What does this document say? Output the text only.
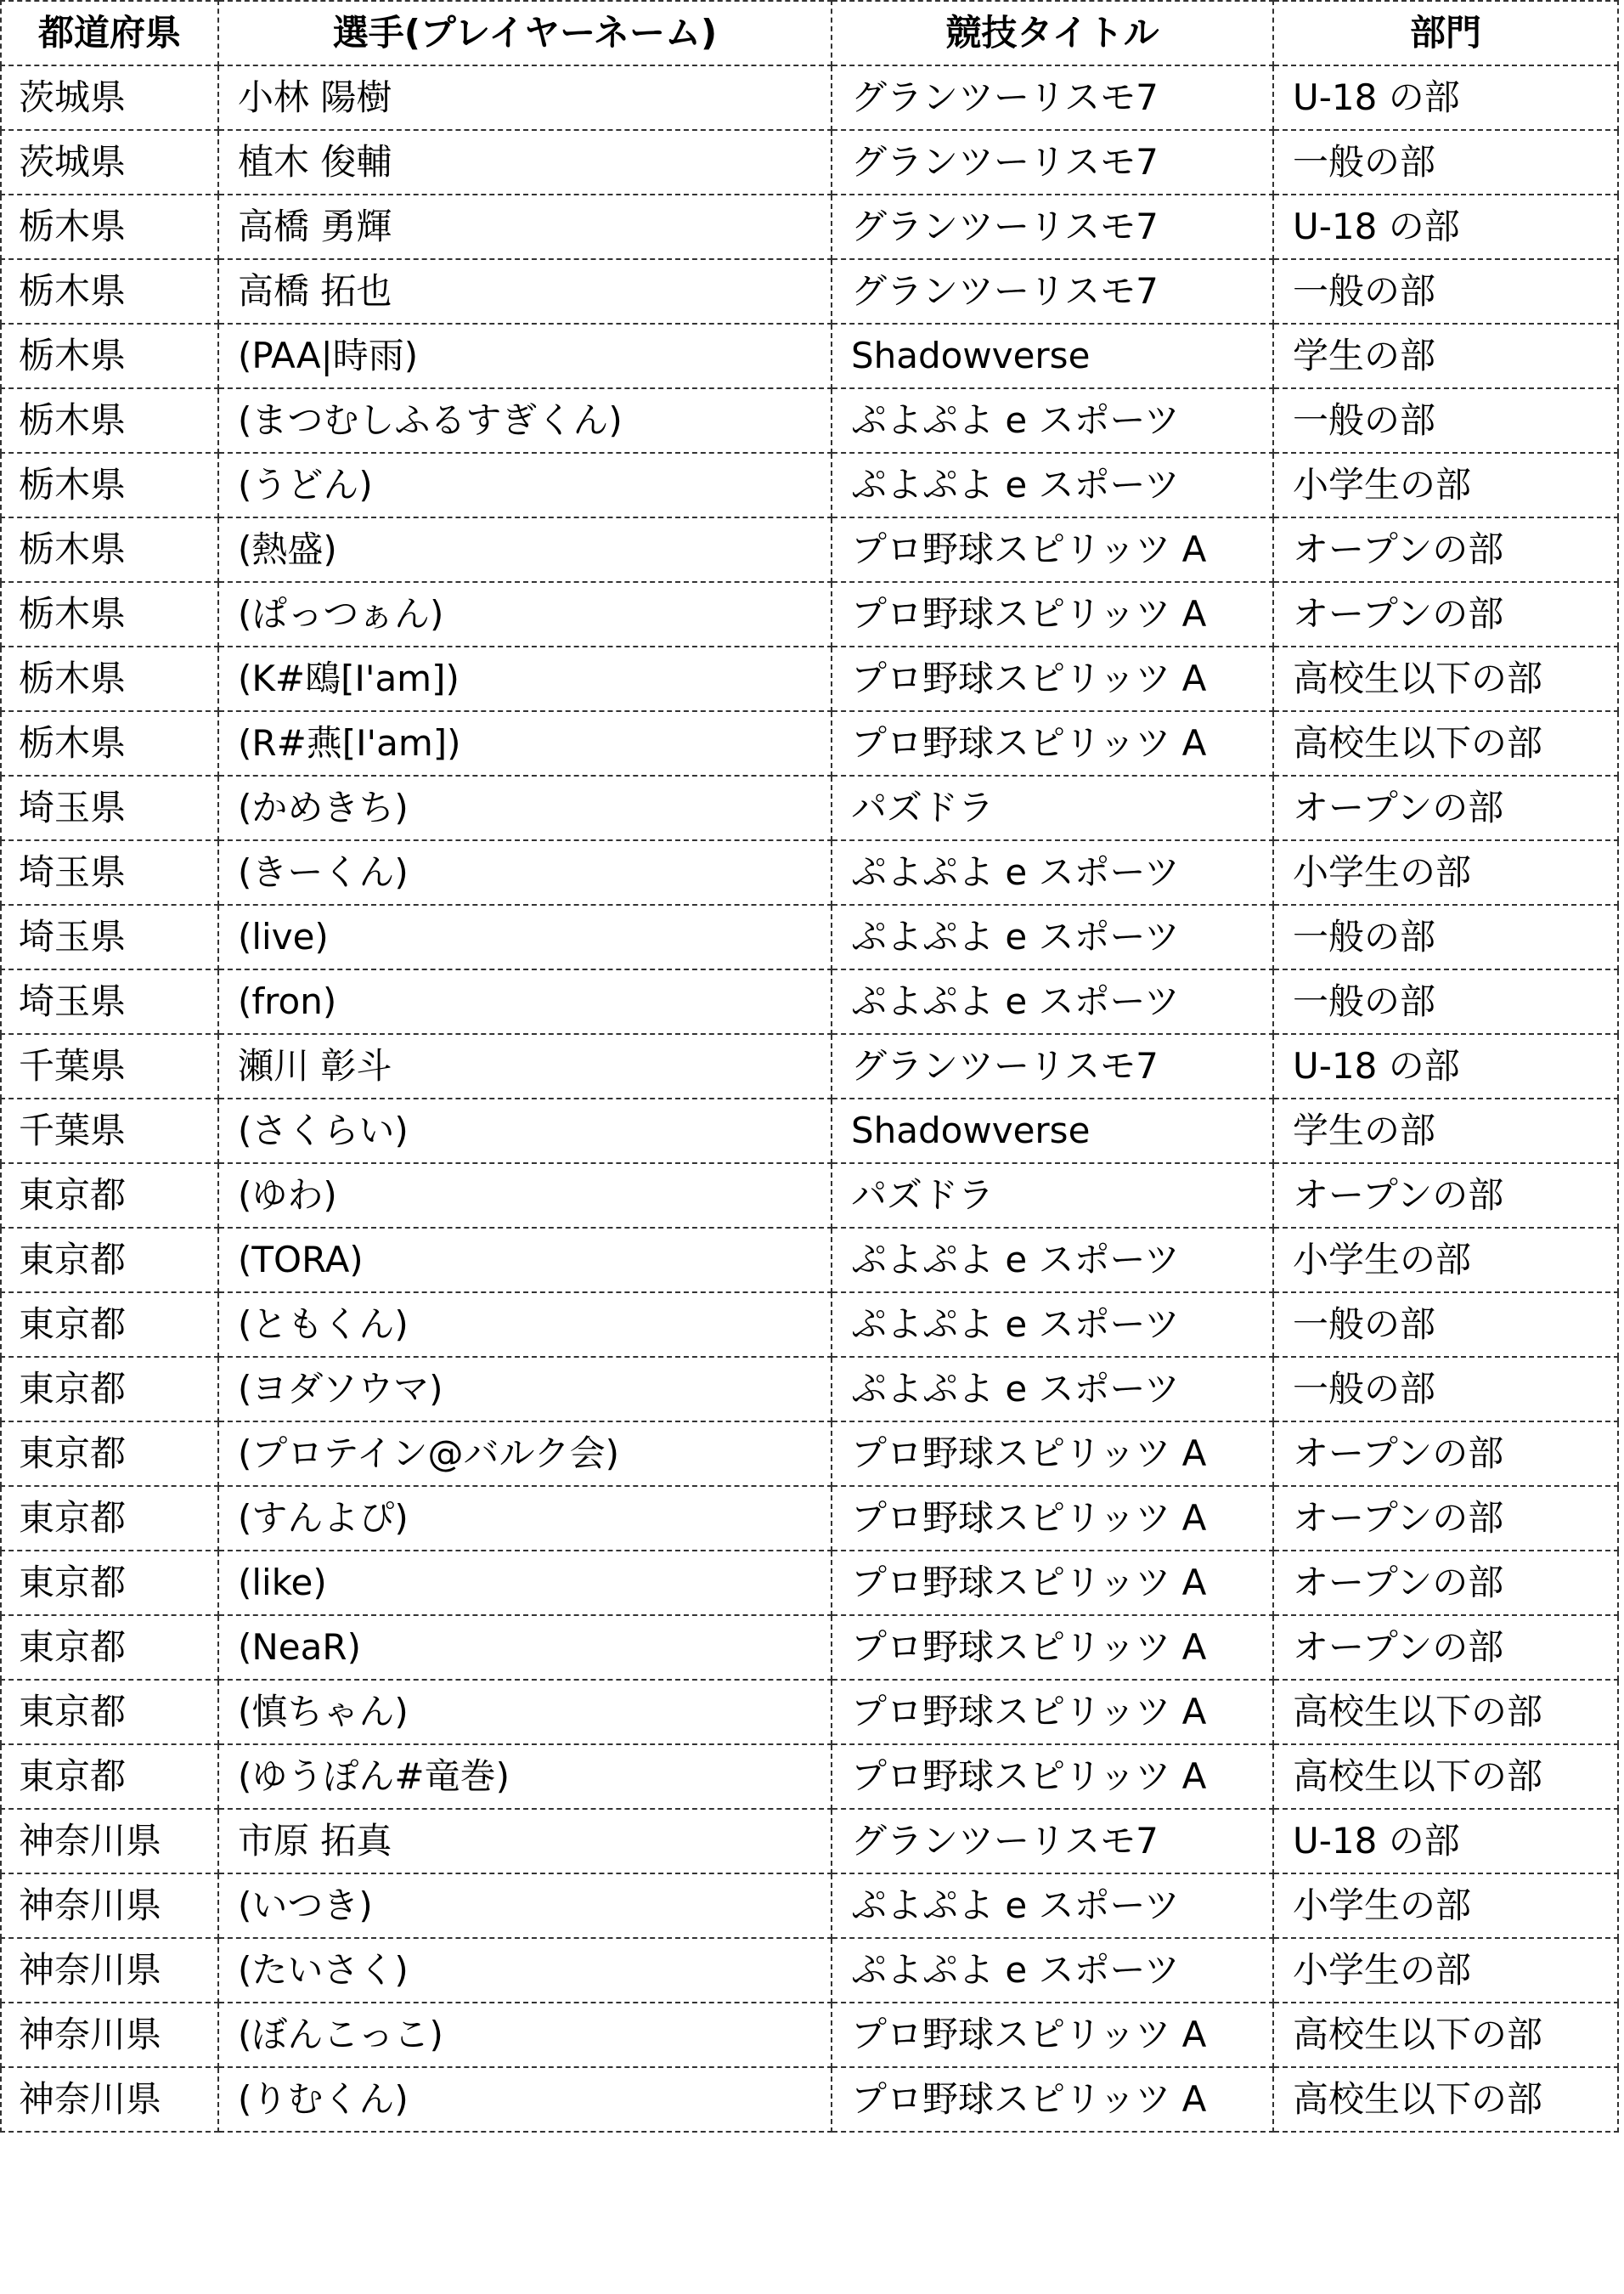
都道府県	選手(プレイヤーネーム)	競技タイトル	部門
茨城県	小林 陽樹	グランツーリスモ7	U-18 の部
茨城県	植木 俊輔	グランツーリスモ7	一般の部
栃木県	高橋 勇輝	グランツーリスモ7	U-18 の部
栃木県	高橋 拓也	グランツーリスモ7	一般の部
栃木県	(PAA|時雨)	Shadowverse	学生の部
栃木県	(まつむしふるすぎくん)	ぷよぷよ e スポーツ	一般の部
栃木県	(うどん)	ぷよぷよ e スポーツ	小学生の部
栃木県	(熱盛)	プロ野球スピリッツ A	オープンの部
栃木県	(ぱっつぁん)	プロ野球スピリッツ A	オープンの部
栃木県	(K#鴎[I'am])	プロ野球スピリッツ A	高校生以下の部
栃木県	(R#燕[I'am])	プロ野球スピリッツ A	高校生以下の部
埼玉県	(かめきち)	パズドラ	オープンの部
埼玉県	(きーくん)	ぷよぷよ e スポーツ	小学生の部
埼玉県	(live)	ぷよぷよ e スポーツ	一般の部
埼玉県	(fron)	ぷよぷよ e スポーツ	一般の部
千葉県	瀬川 彰斗	グランツーリスモ7	U-18 の部
千葉県	(さくらい)	Shadowverse	学生の部
東京都	(ゆわ)	パズドラ	オープンの部
東京都	(TORA)	ぷよぷよ e スポーツ	小学生の部
東京都	(ともくん)	ぷよぷよ e スポーツ	一般の部
東京都	(ヨダソウマ)	ぷよぷよ e スポーツ	一般の部
東京都	(プロテイン@バルク会)	プロ野球スピリッツ A	オープンの部
東京都	(すんよぴ)	プロ野球スピリッツ A	オープンの部
東京都	(like)	プロ野球スピリッツ A	オープンの部
東京都	(NeaR)	プロ野球スピリッツ A	オープンの部
東京都	(慎ちゃん)	プロ野球スピリッツ A	高校生以下の部
東京都	(ゆうぽん#竜巻)	プロ野球スピリッツ A	高校生以下の部
神奈川県	市原 拓真	グランツーリスモ7	U-18 の部
神奈川県	(いつき)	ぷよぷよ e スポーツ	小学生の部
神奈川県	(たいさく)	ぷよぷよ e スポーツ	小学生の部
神奈川県	(ぼんこっこ)	プロ野球スピリッツ A	高校生以下の部
神奈川県	(りむくん)	プロ野球スピリッツ A	高校生以下の部
